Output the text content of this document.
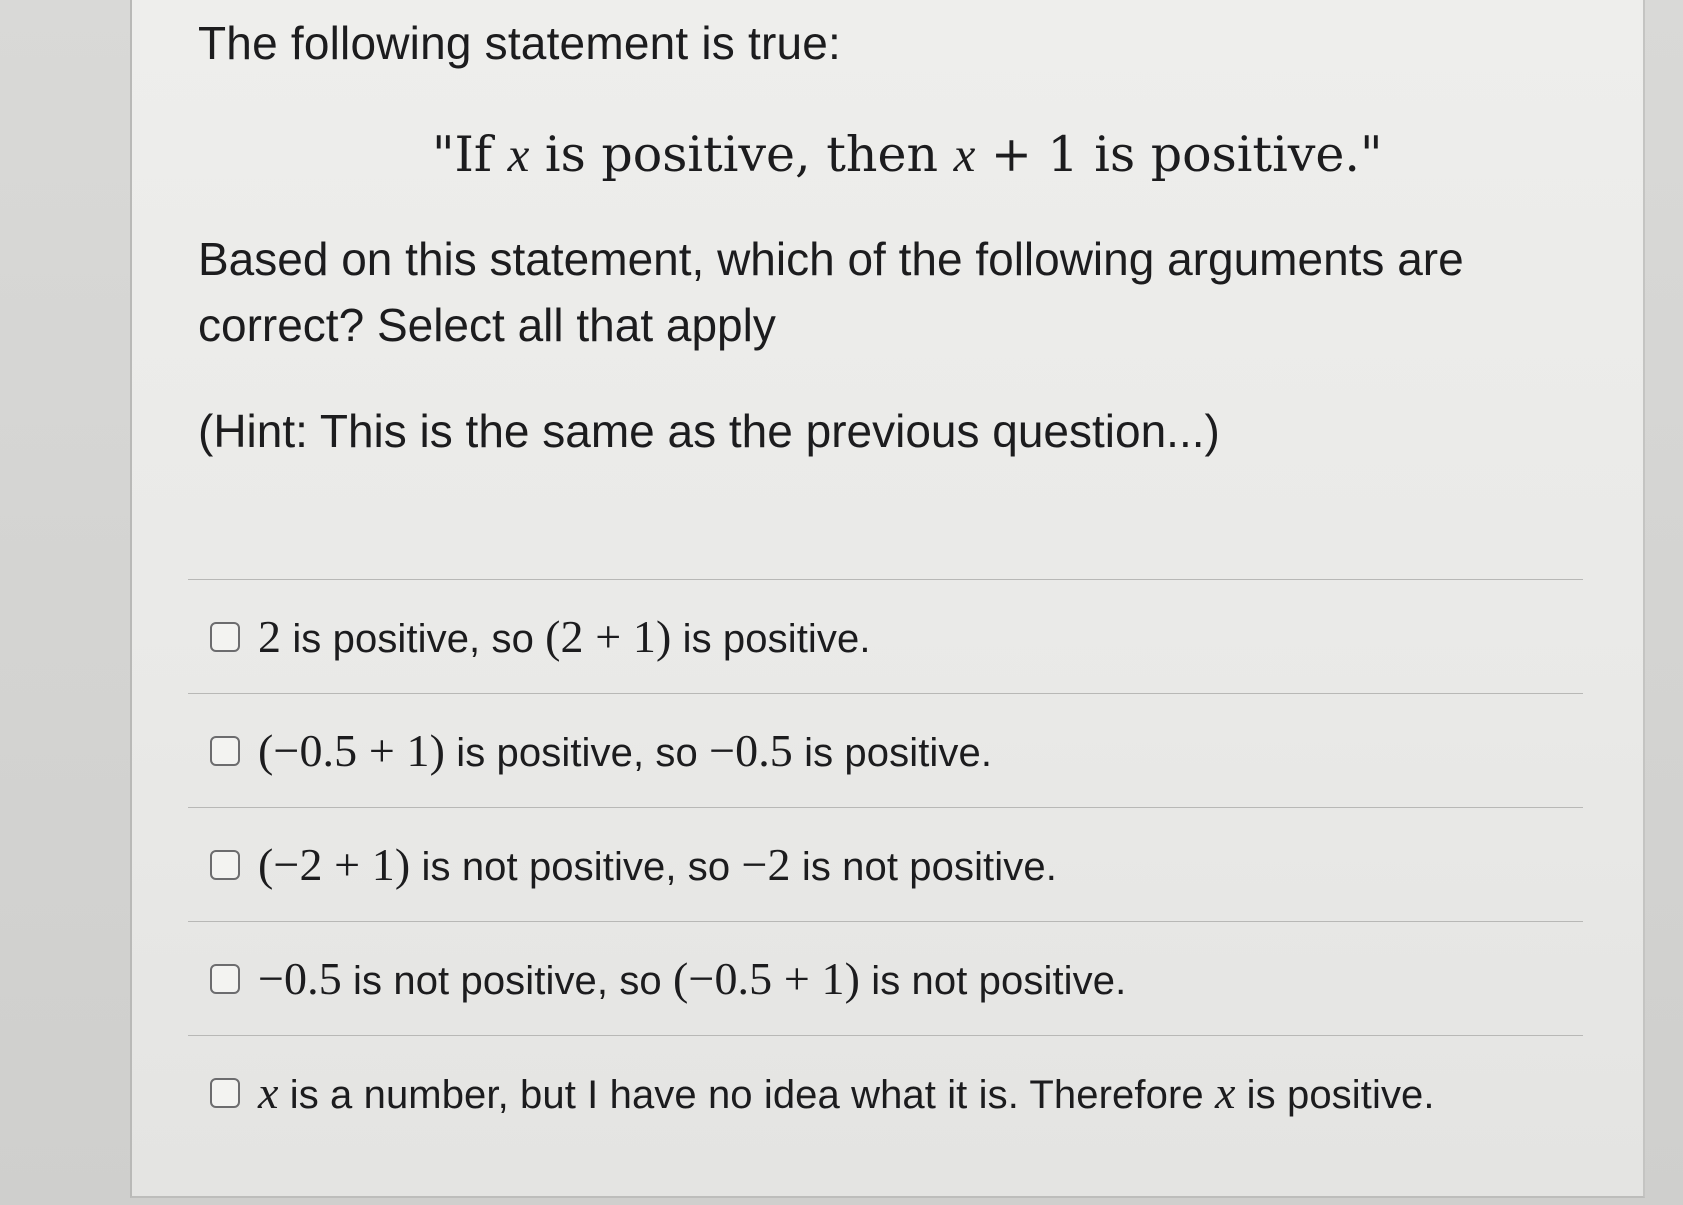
The following statement is true:
"If x is positive, then x + 1 is positive."

Based on this statement, which of the following arguments are correct? Select all that apply

(Hint: This is the same as the previous question...)

2 is positive, so (2 + 1) is positive.
(−0.5 + 1) is positive, so −0.5 is positive.
(−2 + 1) is not positive, so −2 is not positive.
−0.5 is not positive, so (−0.5 + 1) is not positive.
x is a number, but I have no idea what it is. Therefore x is positive.
